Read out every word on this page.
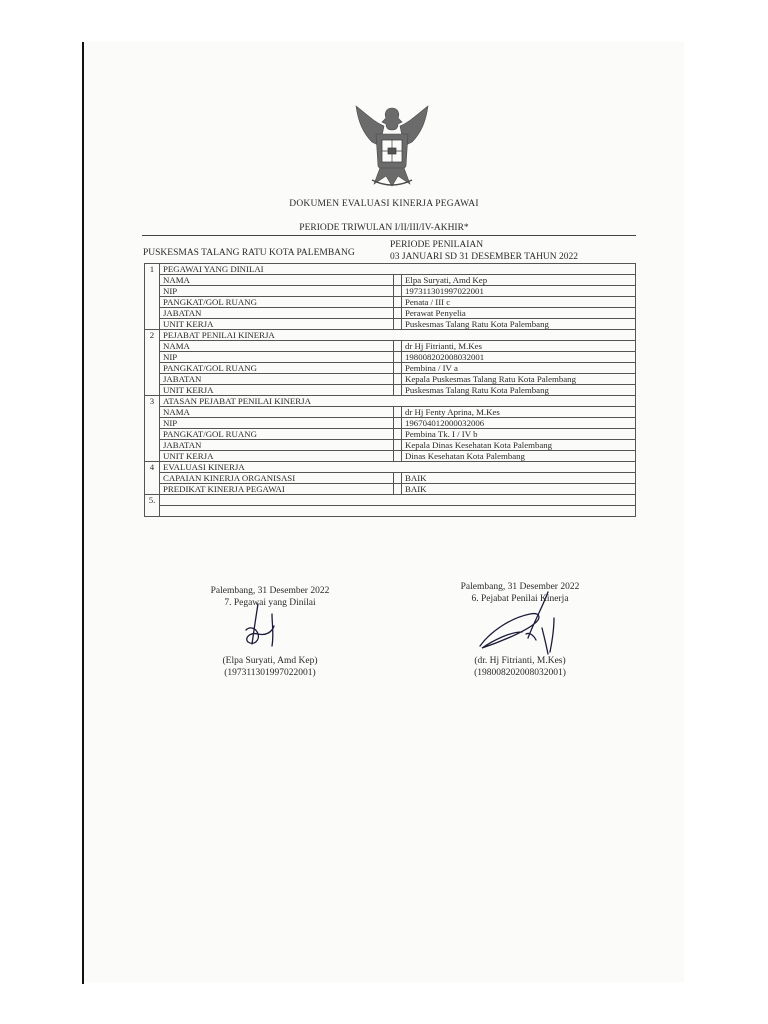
DOKUMEN EVALUASI KINERJA PEGAWAI
PERIODE TRIWULAN I/II/III/IV-AKHIR*
PUSKESMAS TALANG RATU KOTA PALEMBANG
PERIODE PENILAIAN
03 JANUARI SD 31 DESEMBER TAHUN 2022
1	PEGAWAI YANG DINILAI		
	NAMA		Elpa Suryati, Amd Kep
	NIP		197311301997022001
	PANGKAT/GOL RUANG		Penata / III c
	JABATAN		Perawat Penyelia
	UNIT KERJA		Puskesmas Talang Ratu Kota Palembang
2	PEJABAT PENILAI KINERJA		
	NAMA		dr Hj Fitrianti, M.Kes
	NIP		198008202008032001
	PANGKAT/GOL RUANG		Pembina / IV a
	JABATAN		Kepala Puskesmas Talang Ratu Kota Palembang
	UNIT KERJA		Puskesmas Talang Ratu Kota Palembang
3	ATASAN PEJABAT PENILAI KINERJA		
	NAMA		dr Hj Fenty Aprina, M.Kes
	NIP		196704012000032006
	PANGKAT/GOL RUANG		Pembina Tk. I / IV b
	JABATAN		Kepala Dinas Kesehatan Kota Palembang
	UNIT KERJA		Dinas Kesehatan Kota Palembang
4	EVALUASI KINERJA		
	CAPAIAN KINERJA ORGANISASI		BAIK
	PREDIKAT KINERJA PEGAWAI		BAIK
5.			

Palembang, 31 Desember 2022
7. Pegawai yang Dinilai
(Elpa Suryati, Amd Kep)
(197311301997022001)
Palembang, 31 Desember 2022
6. Pejabat Penilai Kinerja
(dr. Hj Fitrianti, M.Kes)
(198008202008032001)
